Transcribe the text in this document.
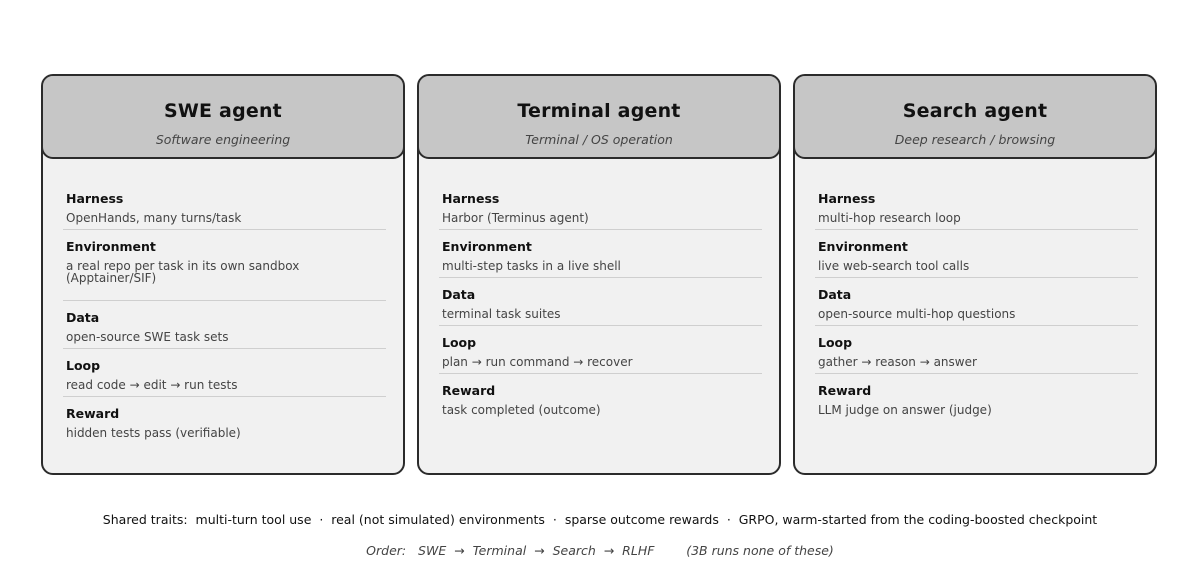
SWE agent
Software engineering
Harness
OpenHands, many turns/task
Environment
a real repo per task in its own sandbox (Apptainer/SIF)
Data
open-source SWE task sets
Loop
read code → edit → run tests
Reward
hidden tests pass (verifiable)
Terminal agent
Terminal / OS operation
Harness
Harbor (Terminus agent)
Environment
multi-step tasks in a live shell
Data
terminal task suites
Loop
plan → run command → recover
Reward
task completed (outcome)
Search agent
Deep research / browsing
Harness
multi-hop research loop
Environment
live web-search tool calls
Data
open-source multi-hop questions
Loop
gather → reason → answer
Reward
LLM judge on answer (judge)
Shared traits:  multi-turn tool use  ·  real (not simulated) environments  ·  sparse outcome rewards  ·  GRPO, warm-started from the coding-boosted checkpoint
Order:   SWE  →  Terminal  →  Search  →  RLHF        (3B runs none of these)
